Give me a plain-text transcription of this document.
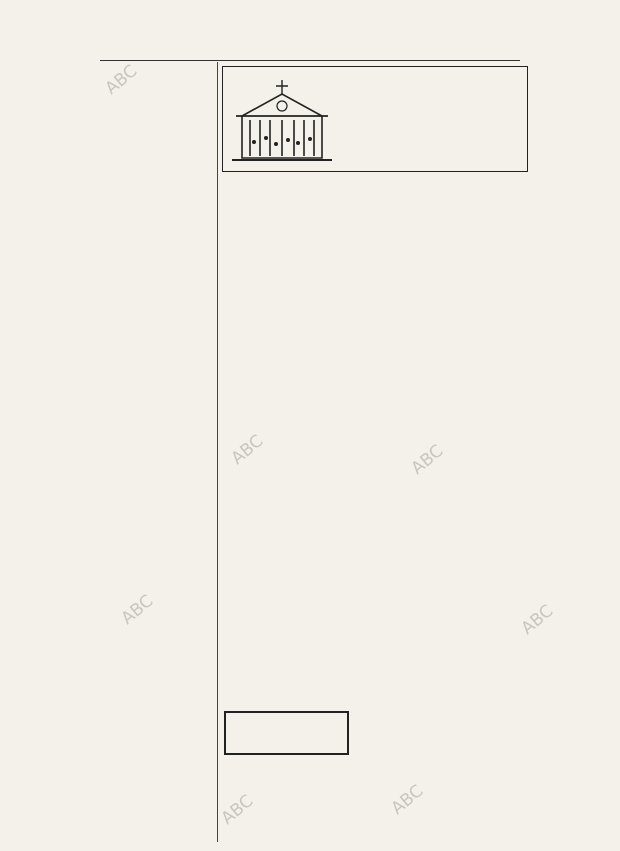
ABC
ABC	ABC
ABC	ABC
ABC	ABC
